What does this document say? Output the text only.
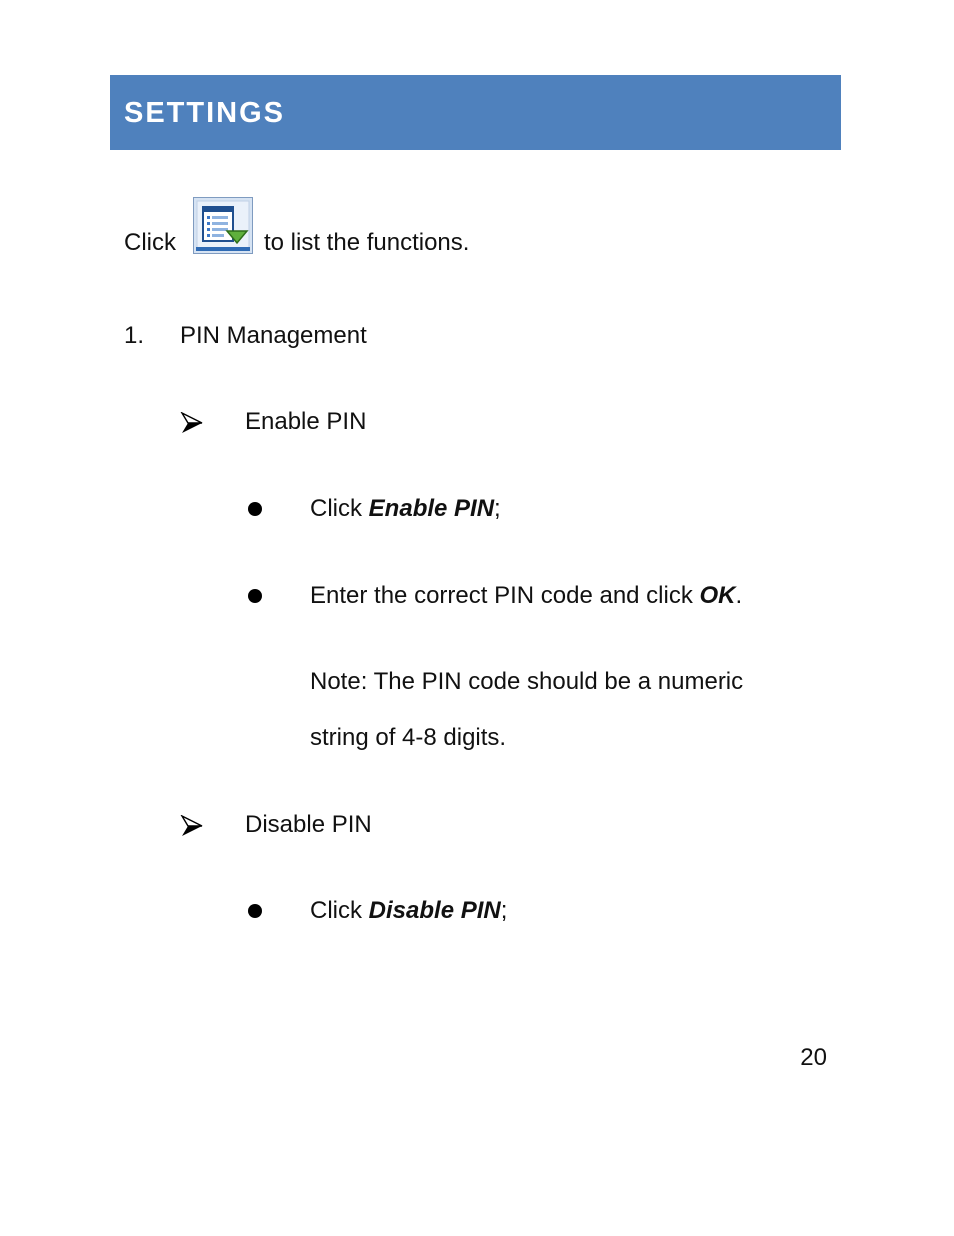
SETTINGS
Click	to list the functions.
1. PIN Management
Enable PIN
Click Enable PIN;
Enter the correct PIN code and click OK.
Note: The PIN code should be a numeric
string of 4-8 digits.
Disable PIN
Click Disable PIN;
20
